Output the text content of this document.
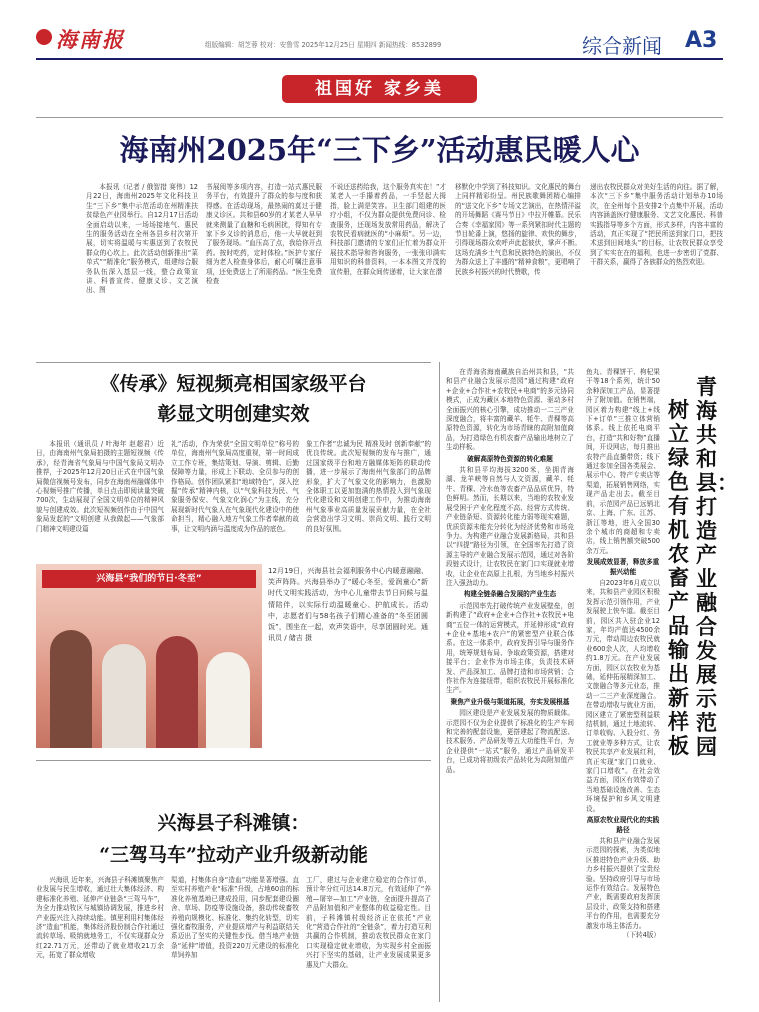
海南报	组版编辑：胡芝蓉 校对：安鲁雪 2025年12月25日 星期四 新闻热线：8532899	综合新闻 A3
祖国好 家乡美
海南州2025年“三下乡”活动惠民暖人心

本报讯（记者 / 俄智措 赛伟）12月22日，海南州2025年文化科技卫生“三下乡”集中示范活动在州精准扶贫绿色产业园举行。自12月17日活动全面启动以来，一场场接地气、惠民生的服务活动在全州各县乡村次第开展，切实将温暖与实惠送到了农牧民群众的心坎上。此次活动创新推出“菜单式”“精准化”服务模式，组建综合服务队伍深入基层一线，整合政策宣讲、科普宣传、健康义诊、文艺演出、图

书展阅等多项内容，打造一站式惠民服务平台，有效提升了群众的参与度和获得感。在活动现场，最热闹的莫过于健康义诊区。共和县60岁的才某老人早早就来测量了血糖和毛病困扰，得知有专家下乡义诊的消息后，他一大早就赶到了服务现场。“血压高了点，我给你开点药。按时吃药，定时体检。”医护专家仔细为老人检查身体后，耐心叮嘱注意事项，还免费送上了所需药品。“医生免费检查

不说还送药给我，这个服务真实在！”才某老人一手攥着药品，一手竖起大拇指，脸上满是笑容。卫生部门组建的医疗小组，不仅为群众提供免费问诊、检查服务，还现场发放常用药品，解决了农牧民看病就医的“小麻烦”。另一边，科技部门邀请的专家们正忙着为群众开展技术指导和咨询服务，一张张印满实用知识的科普资料，一本本图文并茂的宣传册，在群众间传递着，让大家在潜

移默化中学到了科技知识。文化惠民的舞台上同样精彩纷呈。州民族歌舞团精心编排的“送文化下乡”专场文艺演出，在热情洋溢的开场舞蹈《赛马节日》中拉开帷幕。民乐合奏《幸福家园》等一系列紧扣时代主题的节目轮番上演，悠扬的旋律、欢快的舞步，引得现场群众欢呼声此起彼伏，掌声不断。这场充满乡土气息和民族特色的演出，不仅为群众送上了丰盛的“精神食粮”，更唱响了民族乡村振兴的时代赞歌，传

递出农牧民群众对美好生活的向往。据了解，本次“三下乡”集中服务活动计划举办10场次，在全州每个县安排2个点集中开展，活动内容涵盖医疗健康服务、文艺文化惠民、科普实践指导等多个方面，形式多样，内容丰富的活动，真正实现了“把民所送到家门口，把技术送到田间地头”的目标，让农牧民群众享受到了实实在在的福利，也进一步密切了党群、干群关系，赢得了各族群众的热烈欢迎。

《传承》短视频亮相国家级平台
彰显文明创建实效

本报讯（通讯员 / 叶海年 赵超君）近日，由海南州气象局拍摄的主题短视频《传承》，经青海省气象局与中国气象局文明办推荐，于2025年12月20日正式在中国气象局微信视频号发布，同步在海南州融媒体中心视频号推广传播，单日点击即阅读量突破700次，生动展现了全国文明单位的精神风貌与创建成效。此次短视频创作由于中国气象局发起的“文明创建 从我做起——气象部门精神文明建设篇

礼”活动，作为荣获“全国文明单位”称号的单位，海南州气象局高度重视，第一时间成立工作专班，集结策划、导演、剪辑、后勤保障等力量，形成上下联动、全员参与的创作格局。创作团队紧扣“地域特色”，深入挖掘“传承”精神内核，以“气象科技为民、气象服务保安、气象文化润心”为主线，充分展现新时代气象人在气象现代化建设中的使命担当，精心融入地方气象工作者奉献的故事，让文明内涵与温度成为作品的底色。

象工作者“忠诚为民 精准及时 创新奉献”的优良传统。此次短视频的发布与推广，通过国家级平台和地方融媒体矩阵的联动传播，进一步展示了海南州气象部门的品牌形象，扩大了气象文化的影响力，也激励全体职工以更加饱满的热情投入到气象现代化建设和文明创建工作中，为推动海南州气象事业高质量发展贡献力量，在全社会营造出学习文明、崇尚文明、践行文明的良好氛围。

兴海县“我们的节日·冬至”

12月19日，兴海县社会福利服务中心内暖意融融、笑声阵阵。兴海县举办了“暖心冬至，爱润童心”新时代文明实践活动，为中心儿童带去节日问候与温情陪伴，以实际行动温暖童心、护航成长。活动中，志愿者们与58名孩子们精心准备的“冬至团圆饭”，围坐在一起，欢声笑语中，尽享团圆时光。通讯员 / 储吉 摄

兴海县子科滩镇：
“三驾马车”拉动产业升级新动能

兴海讯 近年来，兴海县子科滩镇聚焦产业发展与民生增收，通过壮大集体经济、构建标准化养殖、延伸产业链条“三驾马车”，为全力推动牧区与城镇协调发展，推进乡村产业振兴注入持续动能。镇里利用村集体经济“造血”机能，集体经济股份制合作社通过流转草场、吸纳就地务工，不仅实现群众分红22.71万元，还带动了就业增收21万余元，拓宽了群众增收

渠道，村集体自身“造血”功能显著增强。直至实村养殖产业“标准”升级，占地60亩的标准化养殖基地已建成投用，同步配套建设圈舍、草场、防疫等设施设备，推动传统畜牧养殖向规模化、标准化、集约化转型，切实强化畜牧服务，产业提质增产与利益联结关系迈出了坚实的关键性步伐。借当地产业链条“延伸”增值，投资220万元建设的标准化草饲养加

工厂，建过与企业建立稳定的合作订单，预计年分红可达14.8万元，有效延伸了“养殖—屠宰—加工”产业链，全面提升提高了产品附加值和产业整体的收益稳定性。目前，子科滩镇村级经济正在依托“产业化”营造合作社的“全链条”，着力打造互利共赢的合作机制，推动农牧民群众在家门口实现稳定就业增收，为实现乡村全面振兴打下坚实的基础，让产业发展成果更多惠及广大群众。

在青海省海南藏族自治州共和县，“共和县产业融合发展示范园”通过构建“政府+企业+合作社+农牧民+电商”的多元协同模式，正成为藏区本地特色资源、驱动多村全面振兴的核心引擎，成功推动一二三产业深度融合，将丰富的藏羊、牦牛、青稞等高原特色资源，转化为市场青睐的高附加值商品，为打造绿色有机农畜产品输出地树立了生动样板。

破解高原特色资源的转化难题

共和县平均海拔3200米，坐拥青海湖、龙羊峡等自然与人文资源，藏羊、牦牛、青稞、冷水鱼等农畜产品品质优异，特色鲜明。然而，长期以来，当地的农牧业发展受困于产业化程度不高、经营方式传统、产业链条短、资源转化能力弱等现实难题，优质资源未能充分转化为经济优势和市场竞争力。为构建产业融合发展新格局，共和县以“四提”路径为引领，在全国率先打造了资源主导的产业融合发展示范园，通过对各阶段链式设计，让农牧民在家门口实现就业增收，让企业在高原上扎根，为当地乡村振兴注入强劲动力。

构建全链条融合发展的产业生态

示范园率先打破传统产业发展壁垒，创新构建了“政府+企业+合作社+农牧民+电商”五位一体的运营模式，并延伸形成“政府+企业+基地+农户”的紧密型产业联合体系。在这一体系中，政府发挥引导与服务作用，统筹规划布局、争取政策资源，搭建对接平台；企业作为市场主体，负责技术研发、产品深加工、品牌打造和市场营销；合作社作为连接纽带，组织农牧民开展标准化生产。

聚焦产业升级与渠道拓展，夯实发展根基

园区建设是产业发展发展的物质载体。示范园不仅为企业提供了标准化的生产车间和完善的配套设施，更搭建起了物流配送、技术服务、产品研发等五大功能性平台，为企业提供“一站式”服务，通过产品研发平台，已成功将初级农产品转化为高附加值产品。

鱼丸、青稞饼干、枸杞果干等18个系列，统计50余种深加工产品，显著提升了附加值。在销售端，园区着力构建“线上+线下+订单”三推立体营销体系。线上依托电商平台，打造“共和好物”直播间，开设网店，每月推出农特产品直播带货；线下通过参加全国各类展会、展示中心、特产专卖店等渠道，拓展销售网络，实现产品走出去。截至目前，示范园产品已远销北京、上海、广东、江苏、浙江等地，进入全国30余个城市的商超和专卖店，线上销售额突破500余万元。

发展成效显著，释放多重振兴动能

自2023年6月成立以来，共和县产业园区积极发挥示范引领作用，产业发展驶上快车道。截至目前，园区共入驻企业12家，年均产值达4500余万元，带动周边农牧民就业600余人次，人均增收约1.8万元。在产业发展方面，园区以农牧业为基础，延伸拓展精深加工、文旅融合等多元业态，推动一二三产业深度融合。在带动增收与就业方面，园区建立了紧密型利益联结机制，通过土地流转、订单收购、入股分红、务工就业等多种方式，让农牧民共享产业发展红利，真正实现“家门口就业、家门口增收”。在社会效益方面，园区有效带动了当地基础设施改善、生态环境保护和乡风文明建设。

高原农牧业现代化的实践路径

共和县产业融合发展示范园的探索，为类似地区推进特色产业升级、助力乡村振兴提供了宝贵经验。坚持政府引导与市场运作有效结合。发展特色产业，既需要政府发挥顶层设计，政策支持和搭建平台的作用，也需要充分激发市场主体活力。

（下转4版）

青海共和县：打造产业融合发展示范园
树立绿色有机农畜产品输出新样板
